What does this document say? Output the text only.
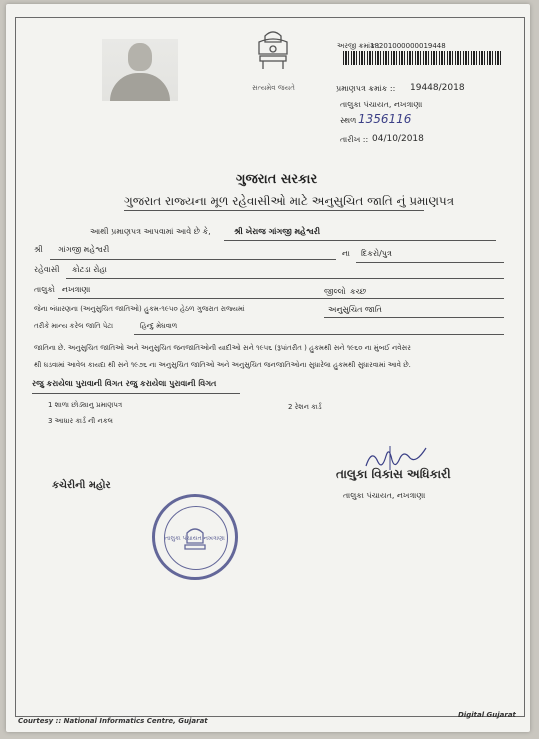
સત્યમેવ જયતે
અરજી ક્રમાંક :
18201000000019448
પ્રમાણપત્ર ક્રમાંક :: 19448/2018
તાલુકા પંચાયત, નખત્રાણા
સ્થળ 1356116
તારીખ :: 04/10/2018
ગુજરાત સરકાર
ગુજરાત રાજ્યના મૂળ રહેવાસીઓ માટે અનુસુચિત જાતિ નું પ્રમાણપત્ર
આથી પ્રમાણપત્ર આપવામાં આવે છે કે,	શ્રી ખેરાજ ગાંગજી મહેશ્વરી
શ્રી ગાંગજી મહેશ્વરી	ના દિકરો/પુત્ર
રહેવાસી કોટડા રોહા
તાલુકો નખત્રાણા	જીલ્લો કચ્છ
જેના બંધારણના (અનુસુચિત જાતિઓ) હુકમ-૧૯૫૦ હેઠળ ગુજરાત રાજ્યમાં	અનુસુચિત જાતિ
તરીકે માન્ય કરેલ જાતિ પેટા	હિન્દુ મેઘવાળ
જાતિના છે. અનુસુચિત જાતિઓ અને અનુસુચિત જનજાતિઓની યાદીઓ સને ૧૯૫૬ (રૂપાંતરીત ) હુકમથી સને ૧૯૬૦ ના મુંબઈ નવેસર
થી ઘડવામાં આવેલ કાયદા થી સને ૧૯૭૬ ના અનુસુચિત જાતિઓ અને અનુસુચિત જનજાતિઓના સુધારેલા હુકમથી સુધારવામાં આવે છે.
રજુ કરાયેલા પુરાવાની વિગત રજુ કરાયેલા પુરાવાની વિગત
1 શાળા છોડ્યાનુ પ્રમાણપત્ર	2 રેશન કાર્ડ
3 આધાર કાર્ડ ની નકલ
તાલુકા વિકાસ અધિકારી
તાલુકા પંચાયત, નખત્રાણા
કચેરીની મહોર
તાલુકા પંચાયત નખત્રાણા
Courtesy :: National Informatics Centre, Gujarat
Digital Gujarat
